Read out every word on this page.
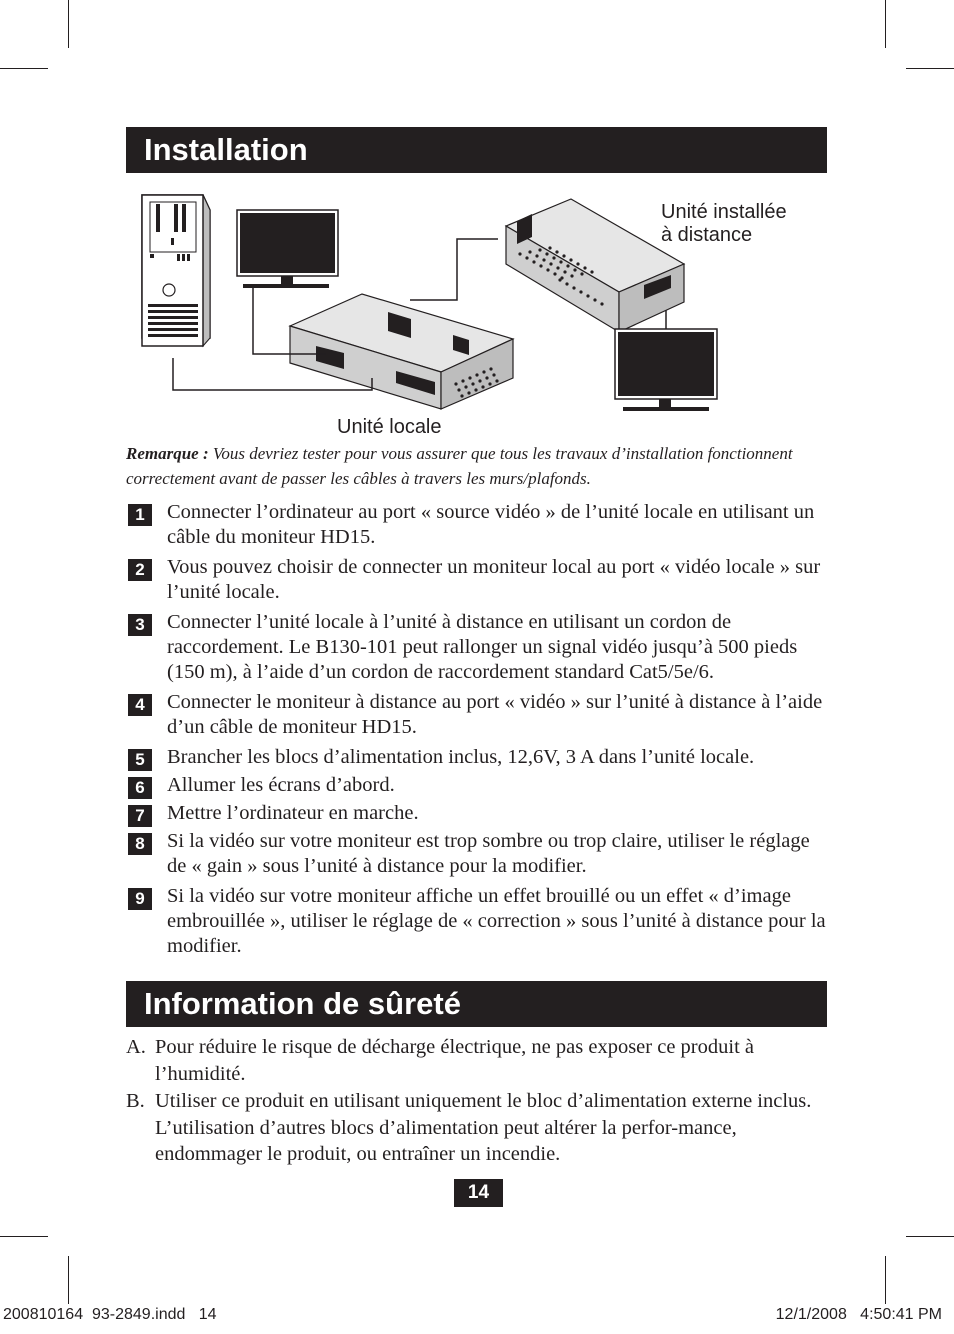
Installation
Unité installée
à distance
Unité locale
Remarque : Vous devriez tester pour vous assurer que tous les travaux d’installation fonctionnent correctement avant de passer les câbles à travers les murs/plafonds.
1	Connecter l’ordinateur au port « source vidéo » de l’unité locale en utilisant un câble du moniteur HD15.
2	Vous pouvez choisir de connecter un moniteur local au port « vidéo locale » sur l’unité locale.
3	Connecter l’unité locale à l’unité à distance en utilisant un cordon de raccordement. Le B130-101 peut rallonger un signal vidéo jusqu’à 500 pieds (150 m), à l’aide d’un cordon de raccordement standard Cat5/5e/6.
4	Connecter le moniteur à distance au port « vidéo » sur l’unité à distance à l’aide d’un câble de moniteur HD15.
5	Brancher les blocs d’alimentation inclus, 12,6V, 3 A dans l’unité locale.
6	Allumer les écrans d’abord.
7	Mettre l’ordinateur en marche.
8	Si la vidéo sur votre moniteur est trop sombre ou trop claire, utiliser le réglage de « gain » sous l’unité à distance pour la modifier.
9	Si la vidéo sur votre moniteur affiche un effet brouillé ou un effet « d’image embrouillée », utiliser le réglage de « correction » sous l’unité à distance pour la modifier.
Information de sûreté
A. Pour réduire le risque de décharge électrique, ne pas exposer ce produit à l’humidité.
B. Utiliser ce produit en utilisant uniquement le bloc d’alimentation externe inclus. L’utilisation d’autres blocs d’alimentation peut altérer la perfor-mance, endommager le produit, ou entraîner un incendie.
14
200810164  93-2849.indd   14	12/1/2008   4:50:41 PM
